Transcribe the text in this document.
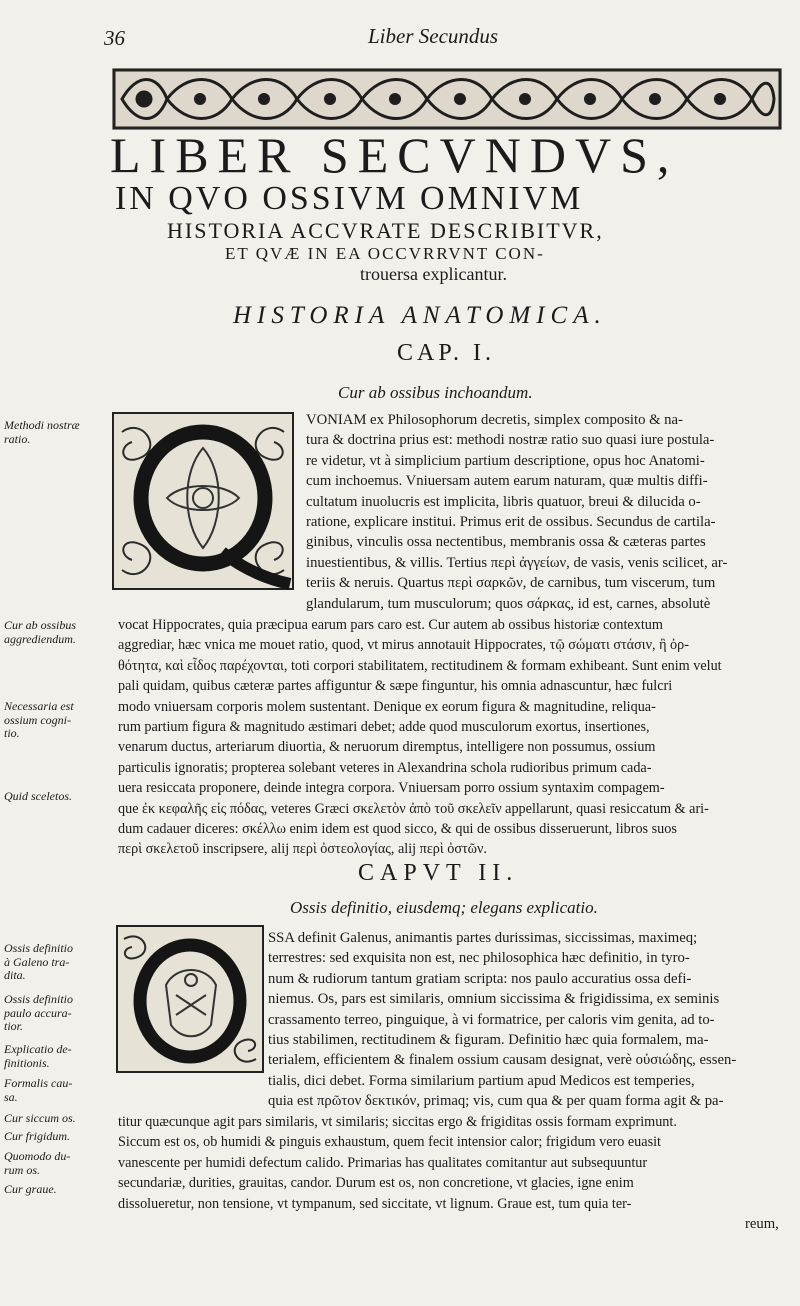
36	Liber Secundus
LIBER SECVNDVS,
IN QVO OSSIVM OMNIVM
HISTORIA ACCVRATE DESCRIBITVR,
ET QVÆ IN EA OCCVRRVNT CON-
trouersa explicantur.
HISTORIA ANATOMICA.
CAP. I.
Cur ab ossibus inchoandum.
VONIAM ex Philosophorum decretis, simplex composito & na-
tura & doctrina prius est: methodi nostræ ratio suo quasi iure postula-
re videtur, vt à simplicium partium descriptione, opus hoc Anatomi-
cum inchoemus. Vniuersam autem earum naturam, quæ multis diffi-
cultatum inuolucris est implicita, libris quatuor, breui & dilucida o-
ratione, explicare institui. Primus erit de ossibus. Secundus de cartila-
ginibus, vinculis ossa nectentibus, membranis ossa & cæteras partes
inuestientibus, & villis. Tertius περὶ ἀγγείων, de vasis, venis scilicet, ar-
teriis & neruis. Quartus περὶ σαρκῶν, de carnibus, tum viscerum, tum
glandularum, tum musculorum; quos σάρκας, id est, carnes, absolutè
vocat Hippocrates, quia præcipua earum pars caro est. Cur autem ab ossibus historiæ contextum
aggrediar, hæc vnica me mouet ratio, quod, vt mirus annotauit Hippocrates, τῷ σώματι στάσιν, ἢ ὀρ-
θότητα, καὶ εἶδος παρέχονται, toti corpori stabilitatem, rectitudinem & formam exhibeant. Sunt enim velut
pali quidam, quibus cæteræ partes affiguntur & sæpe finguntur, his omnia adnascuntur, hæc fulcri
modo vniuersam corporis molem sustentant. Denique ex eorum figura & magnitudine, reliqua-
rum partium figura & magnitudo æstimari debet; adde quod musculorum exortus, insertiones,
venarum ductus, arteriarum diuortia, & neruorum diremptus, intelligere non possumus, ossium
particulis ignoratis; propterea solebant veteres in Alexandrina schola rudioribus primum cada-
uera resiccata proponere, deinde integra corpora. Vniuersam porro ossium syntaxim compagem-
que ἐκ κεφαλῆς εἰς πόδας, veteres Græci σκελετὸν ἀπὸ τοῦ σκελεῖν appellarunt, quasi resiccatum & ari-
dum cadauer diceres: σκέλλω enim idem est quod sicco, & qui de ossibus disseruerunt, libros suos
περὶ σκελετοῦ inscripsere, alij περὶ ὀστεολογίας, alij περὶ ὀστῶν.
CAPVT II.
Ossis definitio, eiusdemq; elegans explicatio.
SSA definit Galenus, animantis partes durissimas, siccissimas, maximeq;
terrestres: sed exquisita non est, nec philosophica hæc definitio, in tyro-
num & rudiorum tantum gratiam scripta: nos paulo accuratius ossa defi-
niemus. Os, pars est similaris, omnium siccissima & frigidissima, ex seminis
crassamento terreo, pinguique, à vi formatrice, per caloris vim genita, ad to-
tius stabilimen, rectitudinem & figuram. Definitio hæc quia formalem, ma-
terialem, efficientem & finalem ossium causam designat, verè οὐσιώδης, essen-
tialis, dici debet. Forma similarium partium apud Medicos est temperies,
quia est πρῶτον δεκτικόν, primaq; vis, cum qua & per quam forma agit & pa-
titur quæcunque agit pars similaris, vt similaris; siccitas ergo & frigiditas ossis formam exprimunt.
Siccum est os, ob humidi & pinguis exhaustum, quem fecit intensior calor; frigidum vero euasit
vanescente per humidi defectum calido. Primarias has qualitates comitantur aut subsequuntur
secundariæ, durities, grauitas, candor. Durum est os, non concretione, vt glacies, igne enim
dissolueretur, non tensione, vt tympanum, sed siccitate, vt lignum. Graue est, tum quia ter-
reum,
Methodi nostræ
ratio.
Cur ab ossibus
aggrediendum.
Necessaria est
ossium cogni-
tio.
Quid sceletos.
Ossis definitio
à Galeno tra-
dita.
Ossis definitio
paulo accura-
tior.
Explicatio de-
finitionis.
Formalis cau-
sa.
Cur siccum os.
Cur frigidum.
Quomodo du-
rum os.
Cur graue.
